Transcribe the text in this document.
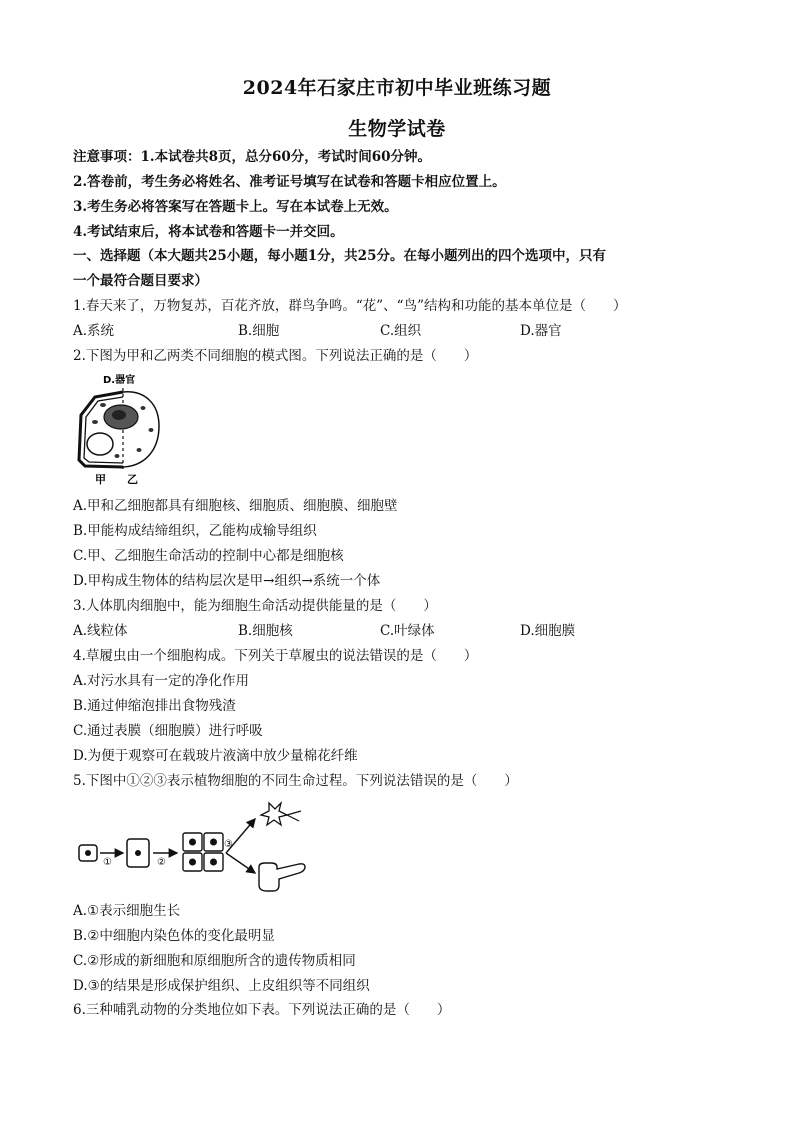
2024年石家庄市初中毕业班练习题
生物学试卷
注意事项：1.本试卷共8页，总分60分，考试时间60分钟。
2.答卷前，考生务必将姓名、准考证号填写在试卷和答题卡相应位置上。
3.考生务必将答案写在答题卡上。写在本试卷上无效。
4.考试结束后，将本试卷和答题卡一并交回。
一、选择题（本大题共25小题，每小题1分，共25分。在每小题列出的四个选项中，只有
一个最符合题目要求）
1.春天来了，万物复苏，百花齐放，群鸟争鸣。“花”、“鸟”结构和功能的基本单位是（　　）
A.系统	B.细胞	C.组织	D.器官
2.下图为甲和乙两类不同细胞的模式图。下列说法正确的是（　　）
D.器官
甲 乙
A.甲和乙细胞都具有细胞核、细胞质、细胞膜、细胞壁
B.甲能构成结缔组织，乙能构成输导组织
C.甲、乙细胞生命活动的控制中心都是细胞核
D.甲构成生物体的结构层次是甲→组织→系统一个体
3.人体肌肉细胞中，能为细胞生命活动提供能量的是（　　）
A.线粒体	B.细胞核	C.叶绿体	D.细胞膜
4.草履虫由一个细胞构成。下列关于草履虫的说法错误的是（　　）
A.对污水具有一定的净化作用
B.通过伸缩泡排出食物残渣
C.通过表膜（细胞膜）进行呼吸
D.为便于观察可在载玻片液滴中放少量棉花纤维
5.下图中①②③表示植物细胞的不同生命过程。下列说法错误的是（　　）
①	②
③
A.①表示细胞生长
B.②中细胞内染色体的变化最明显
C.②形成的新细胞和原细胞所含的遗传物质相同
D.③的结果是形成保护组织、上皮组织等不同组织
6.三种哺乳动物的分类地位如下表。下列说法正确的是（　　）
